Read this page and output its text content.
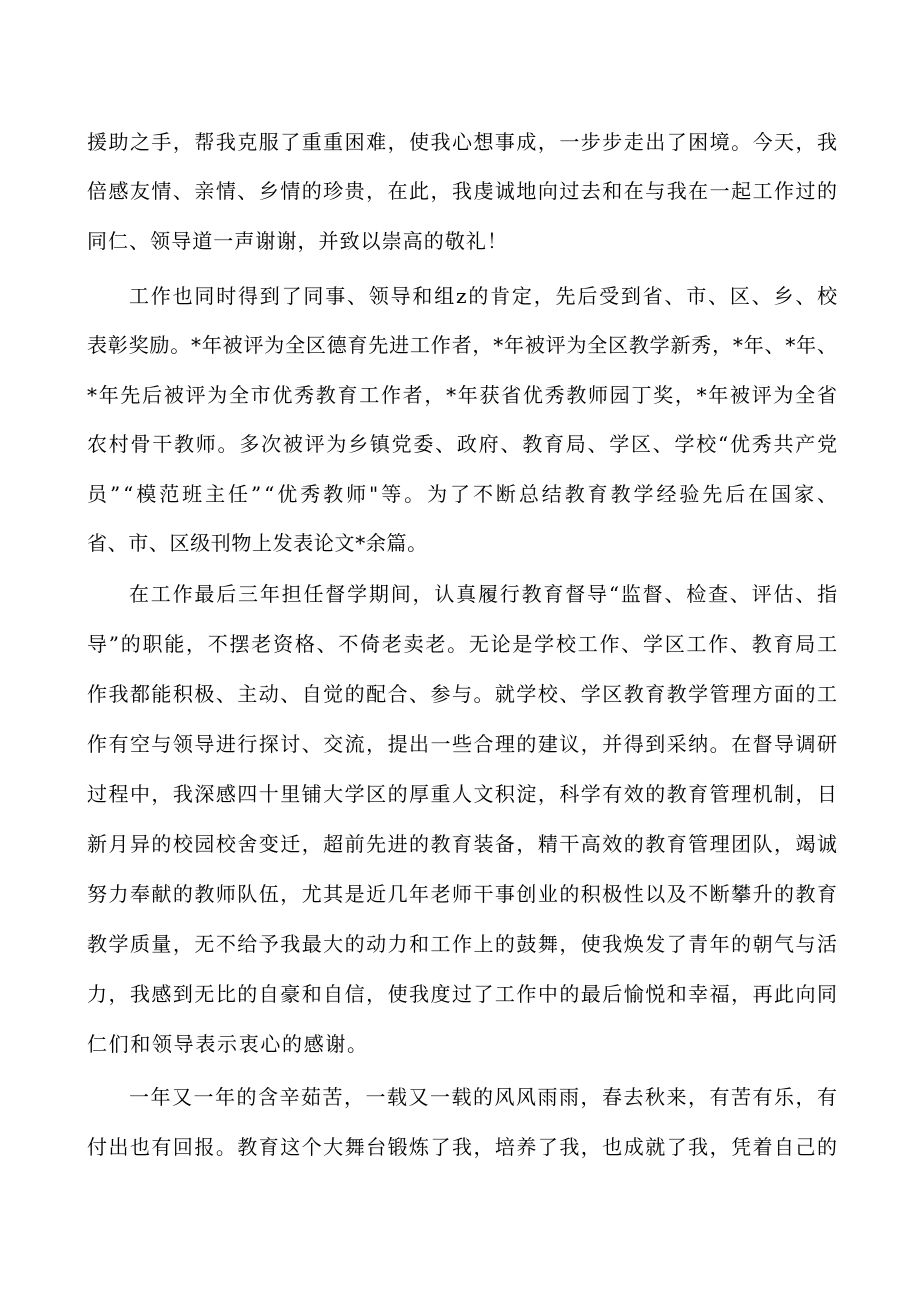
援助之手，帮我克服了重重困难，使我心想事成，一步步走出了困境。今天，我
倍感友情、亲情、乡情的珍贵，在此，我虔诚地向过去和在与我在一起工作过的
同仁、领导道一声谢谢，并致以崇高的敬礼！
工作也同时得到了同事、领导和组z的肯定，先后受到省、市、区、乡、校
表彰奖励。*年被评为全区德育先进工作者，*年被评为全区教学新秀，*年、*年、
*年先后被评为全市优秀教育工作者，*年获省优秀教师园丁奖，*年被评为全省
农村骨干教师。多次被评为乡镇党委、政府、教育局、学区、学校“优秀共产党
员”“模范班主任”“优秀教师"等。为了不断总结教育教学经验先后在国家、
省、市、区级刊物上发表论文*余篇。
在工作最后三年担任督学期间，认真履行教育督导“监督、检查、评估、指
导”的职能，不摆老资格、不倚老卖老。无论是学校工作、学区工作、教育局工
作我都能积极、主动、自觉的配合、参与。就学校、学区教育教学管理方面的工
作有空与领导进行探讨、交流，提出一些合理的建议，并得到采纳。在督导调研
过程中，我深感四十里铺大学区的厚重人文积淀，科学有效的教育管理机制，日
新月异的校园校舍变迁，超前先进的教育装备，精干高效的教育管理团队，竭诚
努力奉献的教师队伍，尤其是近几年老师干事创业的积极性以及不断攀升的教育
教学质量，无不给予我最大的动力和工作上的鼓舞，使我焕发了青年的朝气与活
力，我感到无比的自豪和自信，使我度过了工作中的最后愉悦和幸福，再此向同
仁们和领导表示衷心的感谢。
一年又一年的含辛茹苦，一载又一载的风风雨雨，春去秋来，有苦有乐，有
付出也有回报。教育这个大舞台锻炼了我，培养了我，也成就了我，凭着自己的
